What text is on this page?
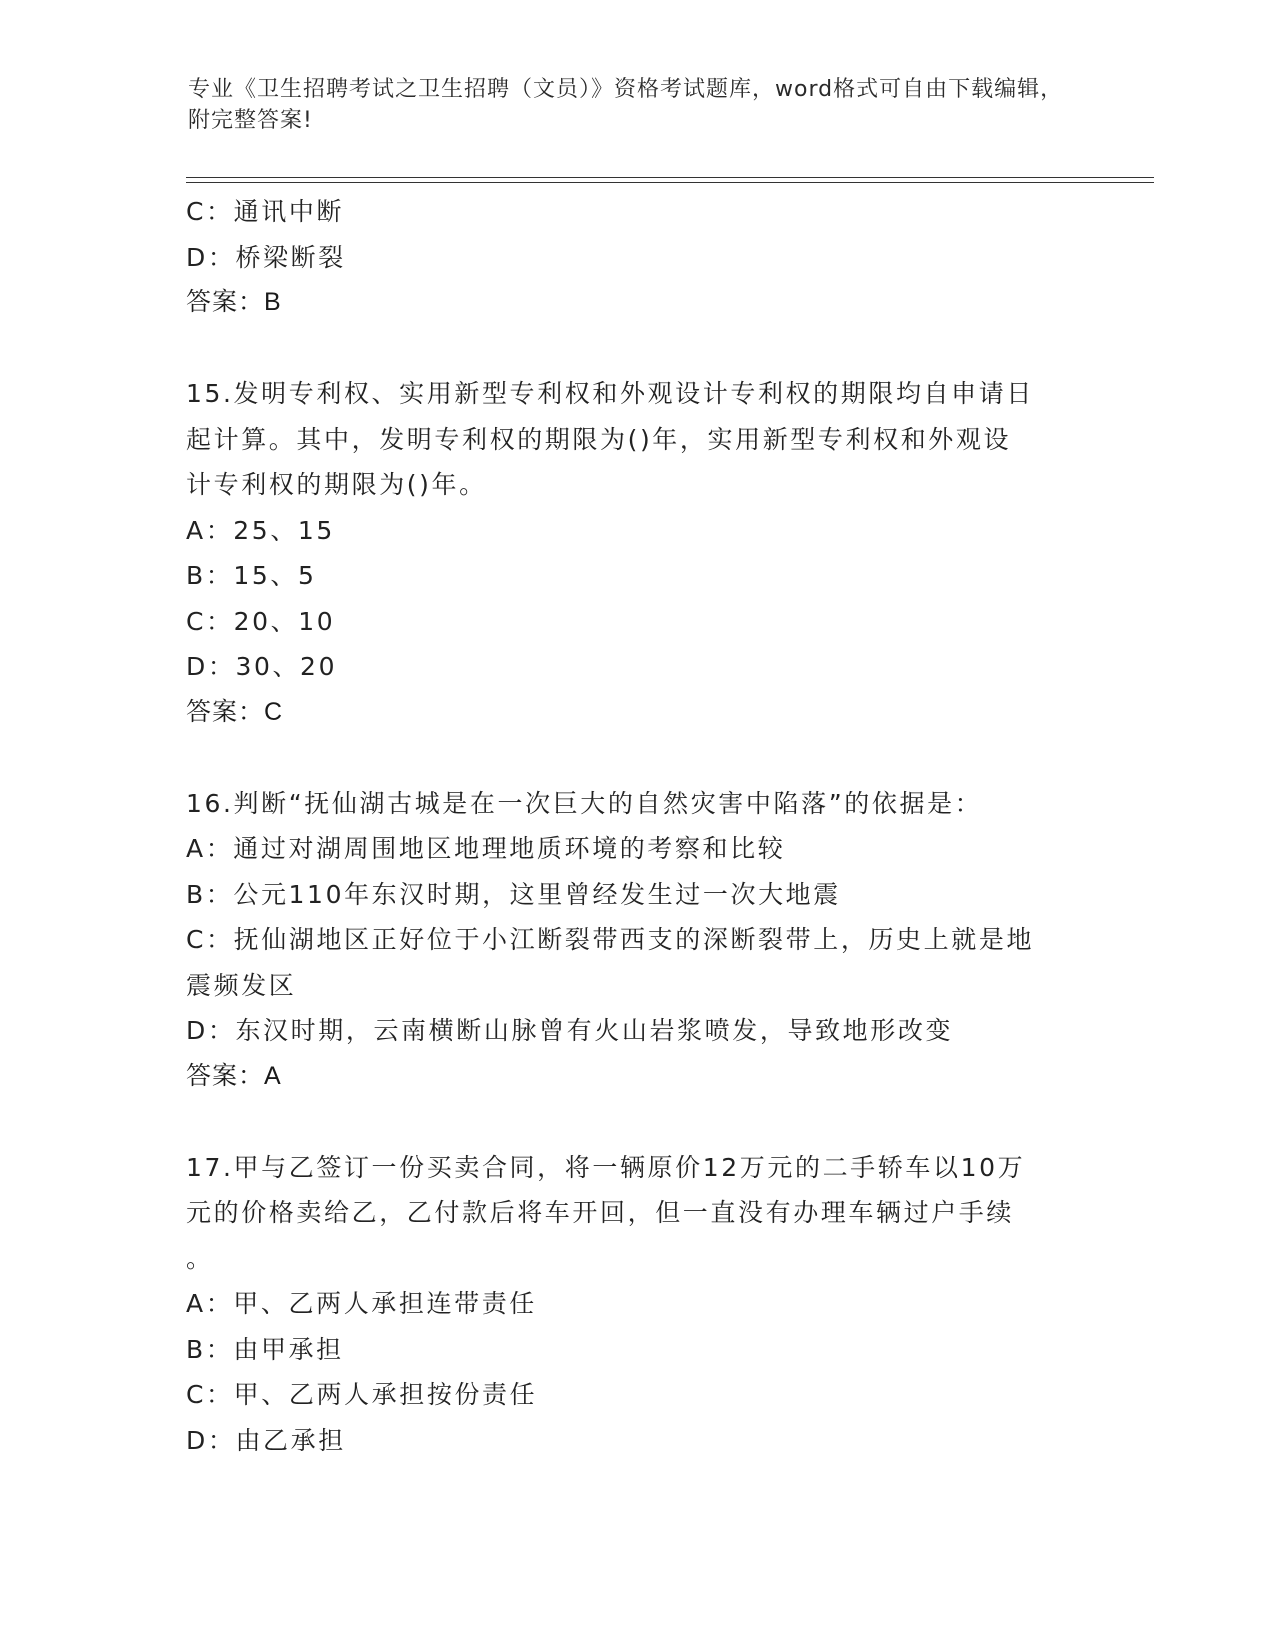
专业《卫生招聘考试之卫生招聘（文员）》资格考试题库，word格式可自由下载编辑，附完整答案!
C：通讯中断
D：桥梁断裂
答案：B
15.发明专利权、实用新型专利权和外观设计专利权的期限均自申请日
起计算。其中，发明专利权的期限为()年，实用新型专利权和外观设
计专利权的期限为()年。
A：25、15
B：15、5
C：20、10
D：30、20
答案：C
16.判断“抚仙湖古城是在一次巨大的自然灾害中陷落”的依据是：
A：通过对湖周围地区地理地质环境的考察和比较
B：公元110年东汉时期，这里曾经发生过一次大地震
C：抚仙湖地区正好位于小江断裂带西支的深断裂带上，历史上就是地
震频发区
D：东汉时期，云南横断山脉曾有火山岩浆喷发，导致地形改变
答案：A
17.甲与乙签订一份买卖合同，将一辆原价12万元的二手轿车以10万
元的价格卖给乙，乙付款后将车开回，但一直没有办理车辆过户手续
。
A：甲、乙两人承担连带责任
B：由甲承担
C：甲、乙两人承担按份责任
D：由乙承担
